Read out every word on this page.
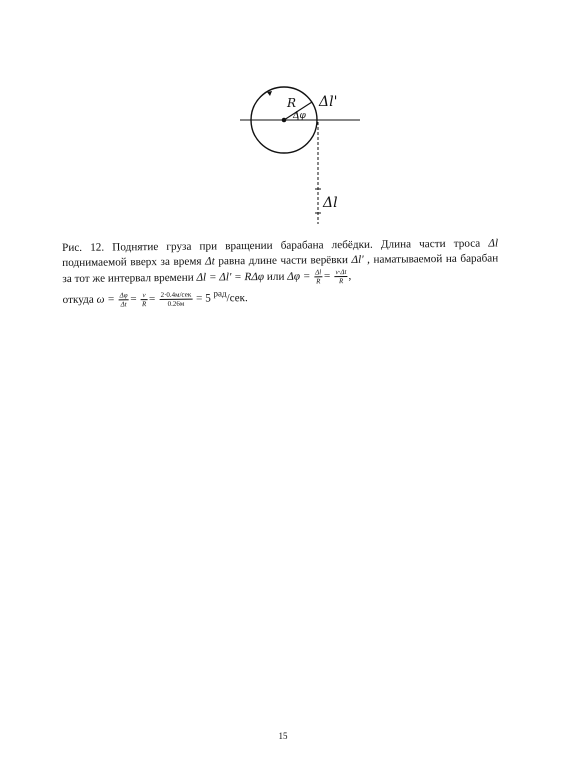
R
Δφ
Δl'
Δl

Рис. 12. Поднятие груза при вращении барабана лебёдки. Длина части троса Δl поднимаемой вверх за время Δt равна длине части верёвки Δl' , наматываемой на барабан за тот же интервал времени Δl = Δl' = RΔφ или $\Delta\varphi = \frac{\Delta l}{R} = \frac{v\cdot\Delta t}{R}$ ,

откуда $\omega = \frac{\Delta\varphi}{\Delta t} = \frac{v}{R} = \frac{\text{2·0.4м/сек}}{0.26м} = 5$ $^{рад}$/сек.

15
